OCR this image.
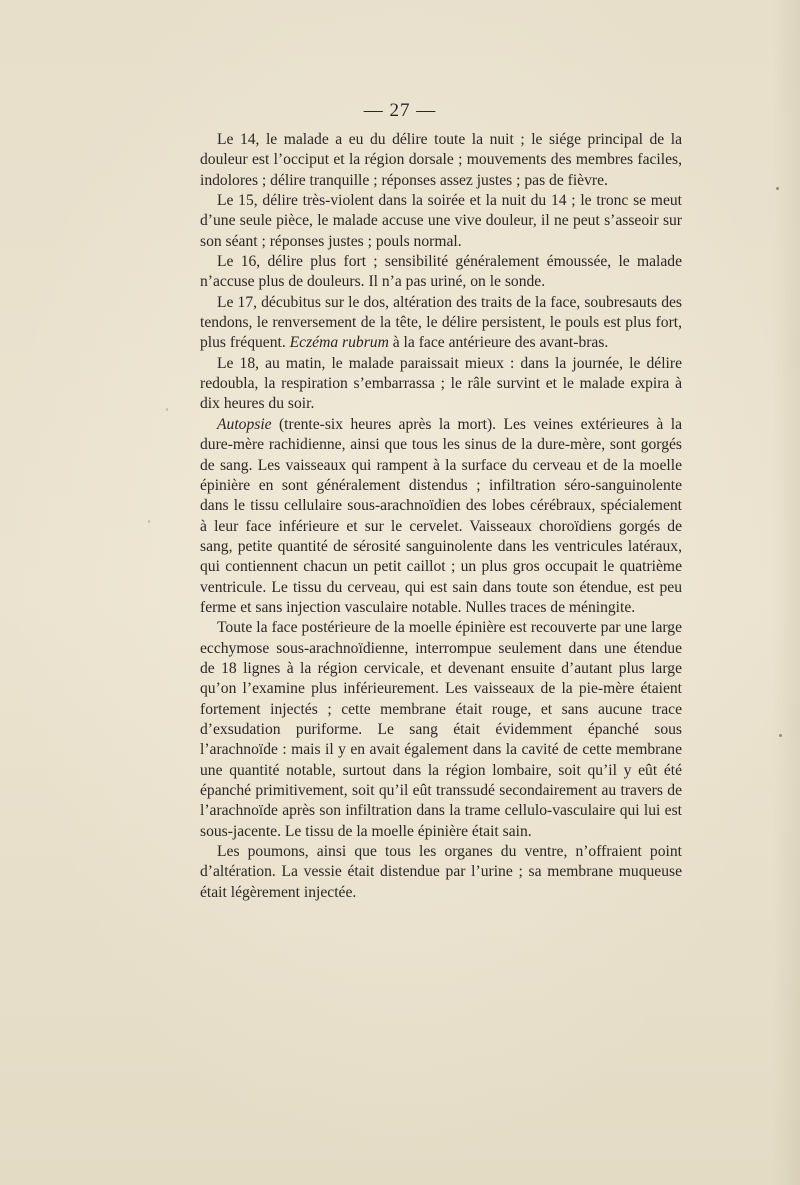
— 27 —

Le 14, le malade a eu du délire toute la nuit ; le siége principal de la douleur est l’occiput et la région dorsale ; mouvements des membres faciles, indolores ; délire tranquille ; réponses assez justes ; pas de fièvre.

Le 15, délire très-violent dans la soirée et la nuit du 14 ; le tronc se meut d’une seule pièce, le malade accuse une vive douleur, il ne peut s’asseoir sur son séant ; réponses justes ; pouls normal.

Le 16, délire plus fort ; sensibilité généralement émoussée, le malade n’accuse plus de douleurs. Il n’a pas uriné, on le sonde.

Le 17, décubitus sur le dos, altération des traits de la face, soubresauts des tendons, le renversement de la tête, le délire persistent, le pouls est plus fort, plus fréquent. Eczéma rubrum à la face antérieure des avant-bras.

Le 18, au matin, le malade paraissait mieux : dans la journée, le délire redoubla, la respiration s’embarrassa ; le râle survint et le malade expira à dix heures du soir.

Autopsie (trente-six heures après la mort). Les veines extérieures à la dure-mère rachidienne, ainsi que tous les sinus de la dure-mère, sont gorgés de sang. Les vaisseaux qui rampent à la surface du cerveau et de la moelle épinière en sont généralement distendus ; infiltration séro-sanguinolente dans le tissu cellulaire sous-arachnoïdien des lobes cérébraux, spécialement à leur face inférieure et sur le cervelet. Vaisseaux choroïdiens gorgés de sang, petite quantité de sérosité sanguinolente dans les ventricules latéraux, qui contiennent chacun un petit caillot ; un plus gros occupait le quatrième ventricule. Le tissu du cerveau, qui est sain dans toute son étendue, est peu ferme et sans injection vasculaire notable. Nulles traces de méningite.

Toute la face postérieure de la moelle épinière est recouverte par une large ecchymose sous-arachnoïdienne, interrompue seulement dans une étendue de 18 lignes à la région cervicale, et devenant ensuite d’autant plus large qu’on l’examine plus inférieurement. Les vaisseaux de la pie-mère étaient fortement injectés ; cette membrane était rouge, et sans aucune trace d’exsudation puriforme. Le sang était évidemment épanché sous l’arachnoïde : mais il y en avait également dans la cavité de cette membrane une quantité notable, surtout dans la région lombaire, soit qu’il y eût été épanché primitivement, soit qu’il eût transsudé secondairement au travers de l’arachnoïde après son infiltration dans la trame cellulo-vasculaire qui lui est sous-jacente. Le tissu de la moelle épinière était sain.

Les poumons, ainsi que tous les organes du ventre, n’offraient point d’altération. La vessie était distendue par l’urine ; sa membrane muqueuse était légèrement injectée.
